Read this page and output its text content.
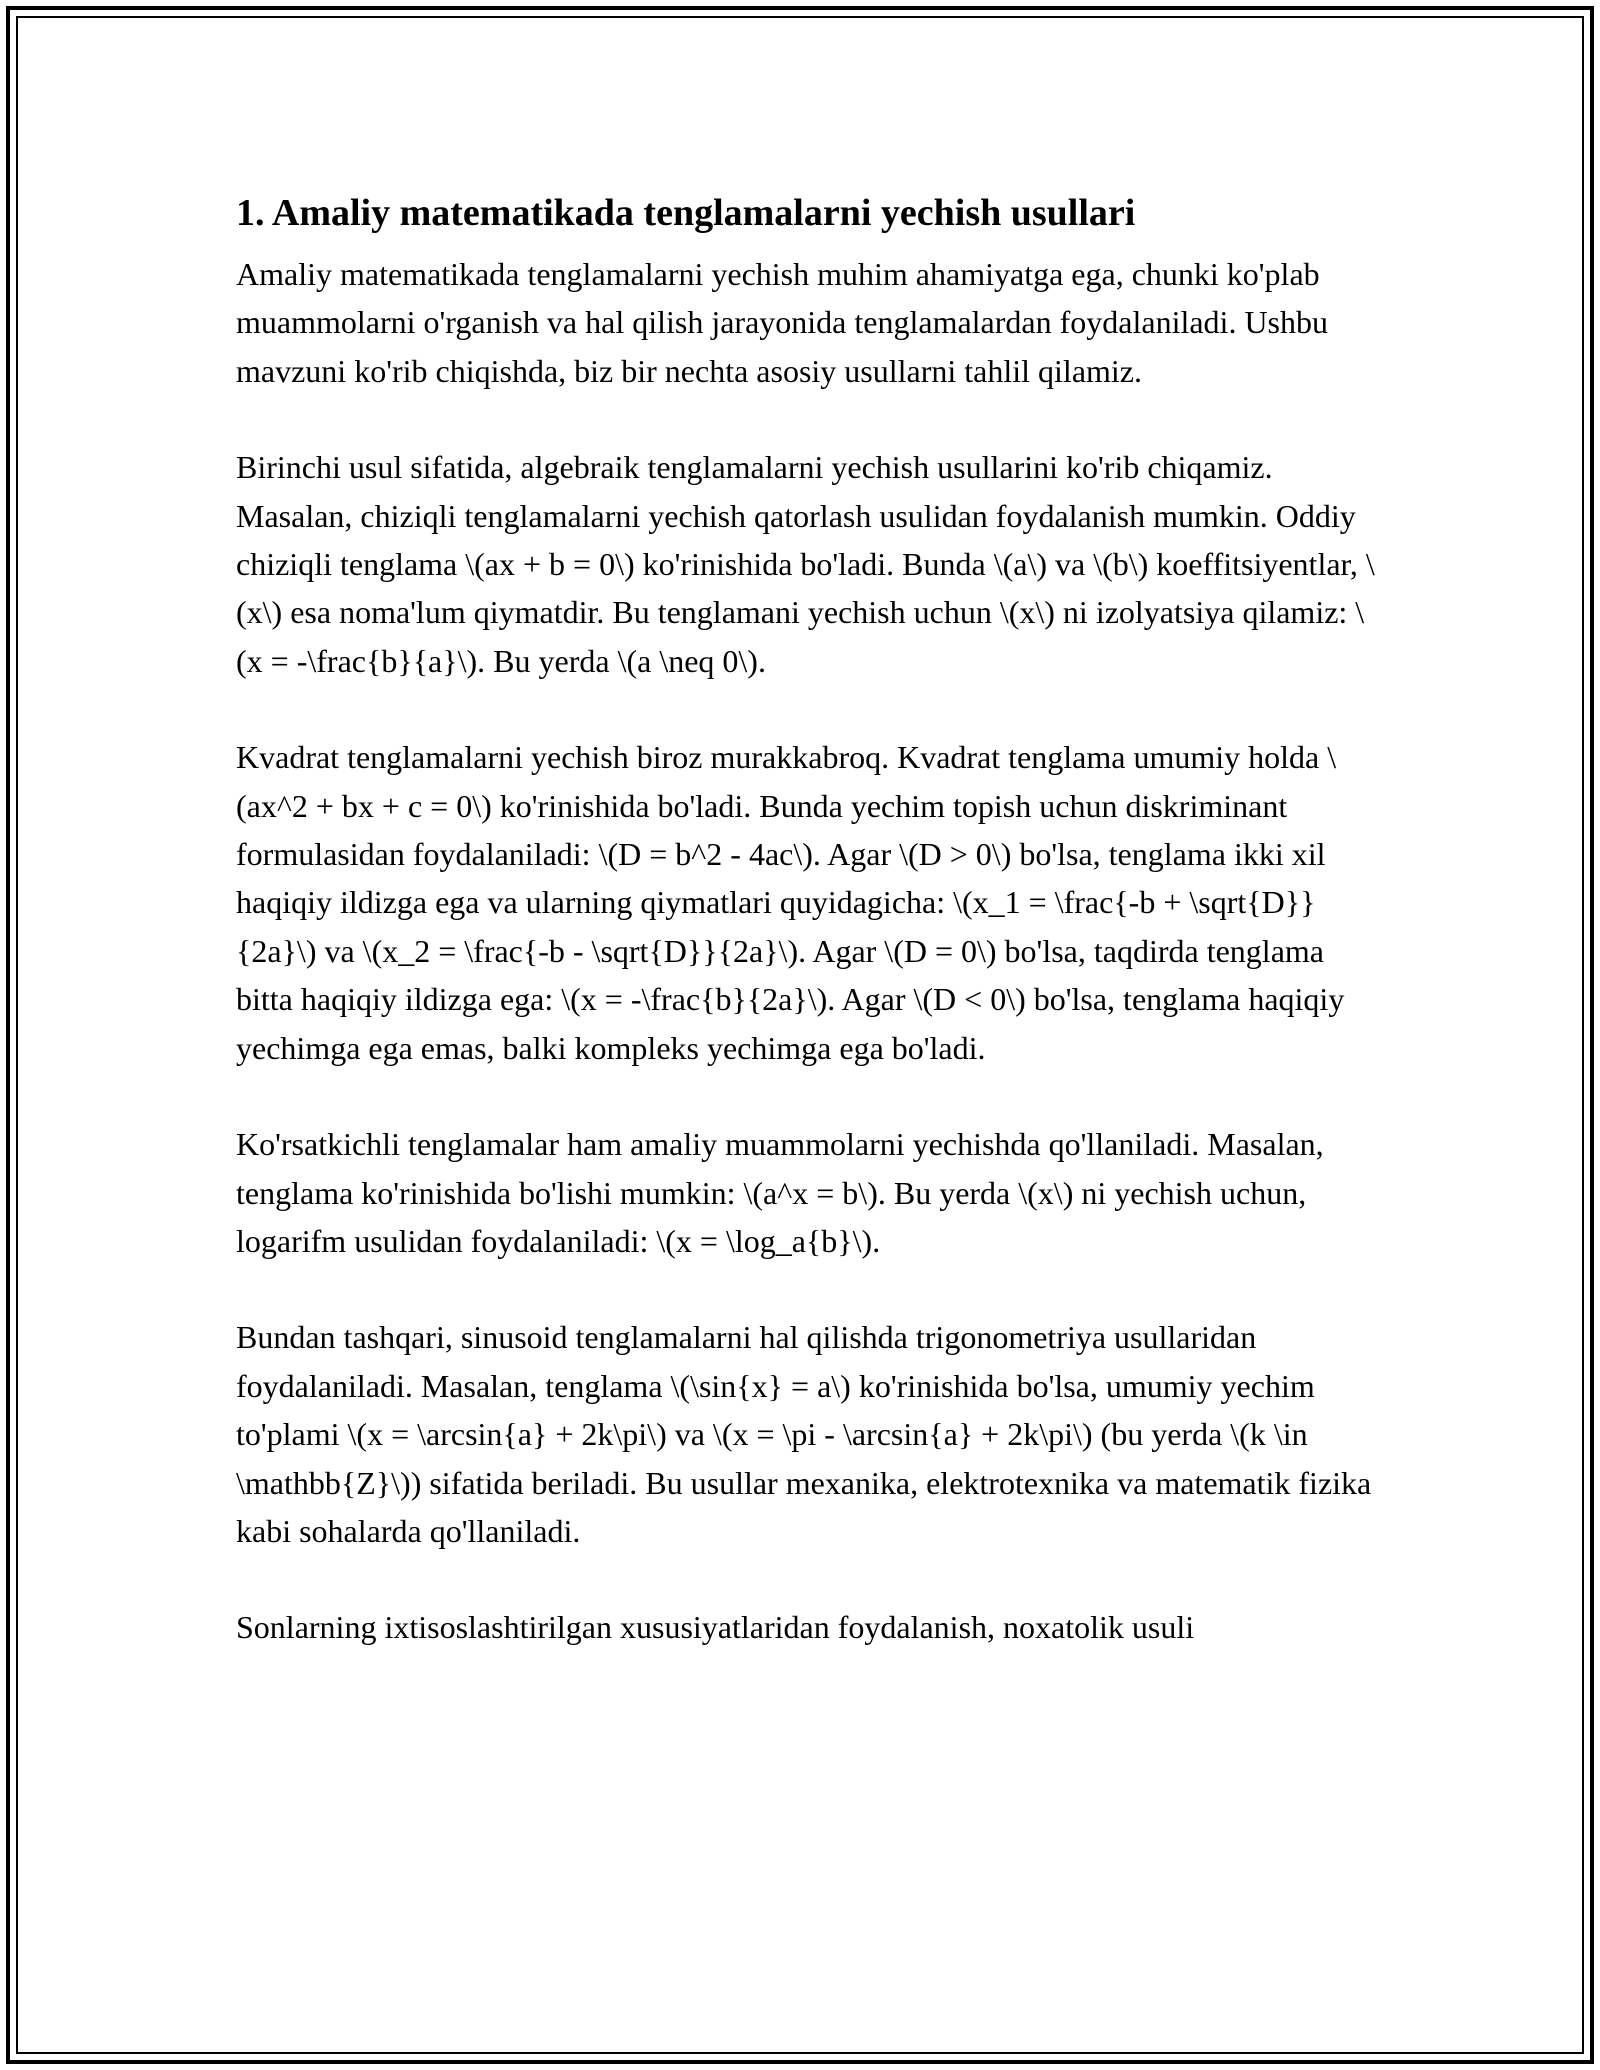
1. Amaliy matematikada tenglamalarni yechish usullari

Amaliy matematikada tenglamalarni yechish muhim ahamiyatga ega, chunki ko'plab muammolarni o'rganish va hal qilish jarayonida tenglamalardan foydalaniladi. Ushbu mavzuni ko'rib chiqishda, biz bir nechta asosiy usullarni tahlil qilamiz.

Birinchi usul sifatida, algebraik tenglamalarni yechish usullarini ko'rib chiqamiz. Masalan, chiziqli tenglamalarni yechish qatorlash usulidan foydalanish mumkin. Oddiy chiziqli tenglama \(ax + b = 0\) ko'rinishida bo'ladi. Bunda \(a\) va \(b\) koeffitsiyentlar, \(x\) esa noma'lum qiymatdir. Bu tenglamani yechish uchun \(x\) ni izolyatsiya qilamiz: \(x = -\frac{b}{a}\). Bu yerda \(a \neq 0\).

Kvadrat tenglamalarni yechish biroz murakkabroq. Kvadrat tenglama umumiy holda \(ax^2 + bx + c = 0\) ko'rinishida bo'ladi. Bunda yechim topish uchun diskriminant formulasidan foydalaniladi: \(D = b^2 - 4ac\). Agar \(D > 0\) bo'lsa, tenglama ikki xil haqiqiy ildizga ega va ularning qiymatlari quyidagicha: \(x_1 = \frac{-b + \sqrt{D}}{2a}\) va \(x_2 = \frac{-b - \sqrt{D}}{2a}\). Agar \(D = 0\) bo'lsa, taqdirda tenglama bitta haqiqiy ildizga ega: \(x = -\frac{b}{2a}\). Agar \(D < 0\) bo'lsa, tenglama haqiqiy yechimga ega emas, balki kompleks yechimga ega bo'ladi.

Ko'rsatkichli tenglamalar ham amaliy muammolarni yechishda qo'llaniladi. Masalan, tenglama ko'rinishida bo'lishi mumkin: \(a^x = b\). Bu yerda \(x\) ni yechish uchun, logarifm usulidan foydalaniladi: \(x = \log_a{b}\).

Bundan tashqari, sinusoid tenglamalarni hal qilishda trigonometriya usullaridan foydalaniladi. Masalan, tenglama \(\sin{x} = a\) ko'rinishida bo'lsa, umumiy yechim to'plami \(x = \arcsin{a} + 2k\pi\) va \(x = \pi - \arcsin{a} + 2k\pi\) (bu yerda \(k \in \mathbb{Z}\)) sifatida beriladi. Bu usullar mexanika, elektrotexnika va matematik fizika kabi sohalarda qo'llaniladi.

Sonlarning ixtisoslashtirilgan xususiyatlaridan foydalanish, noxatolik usuli
